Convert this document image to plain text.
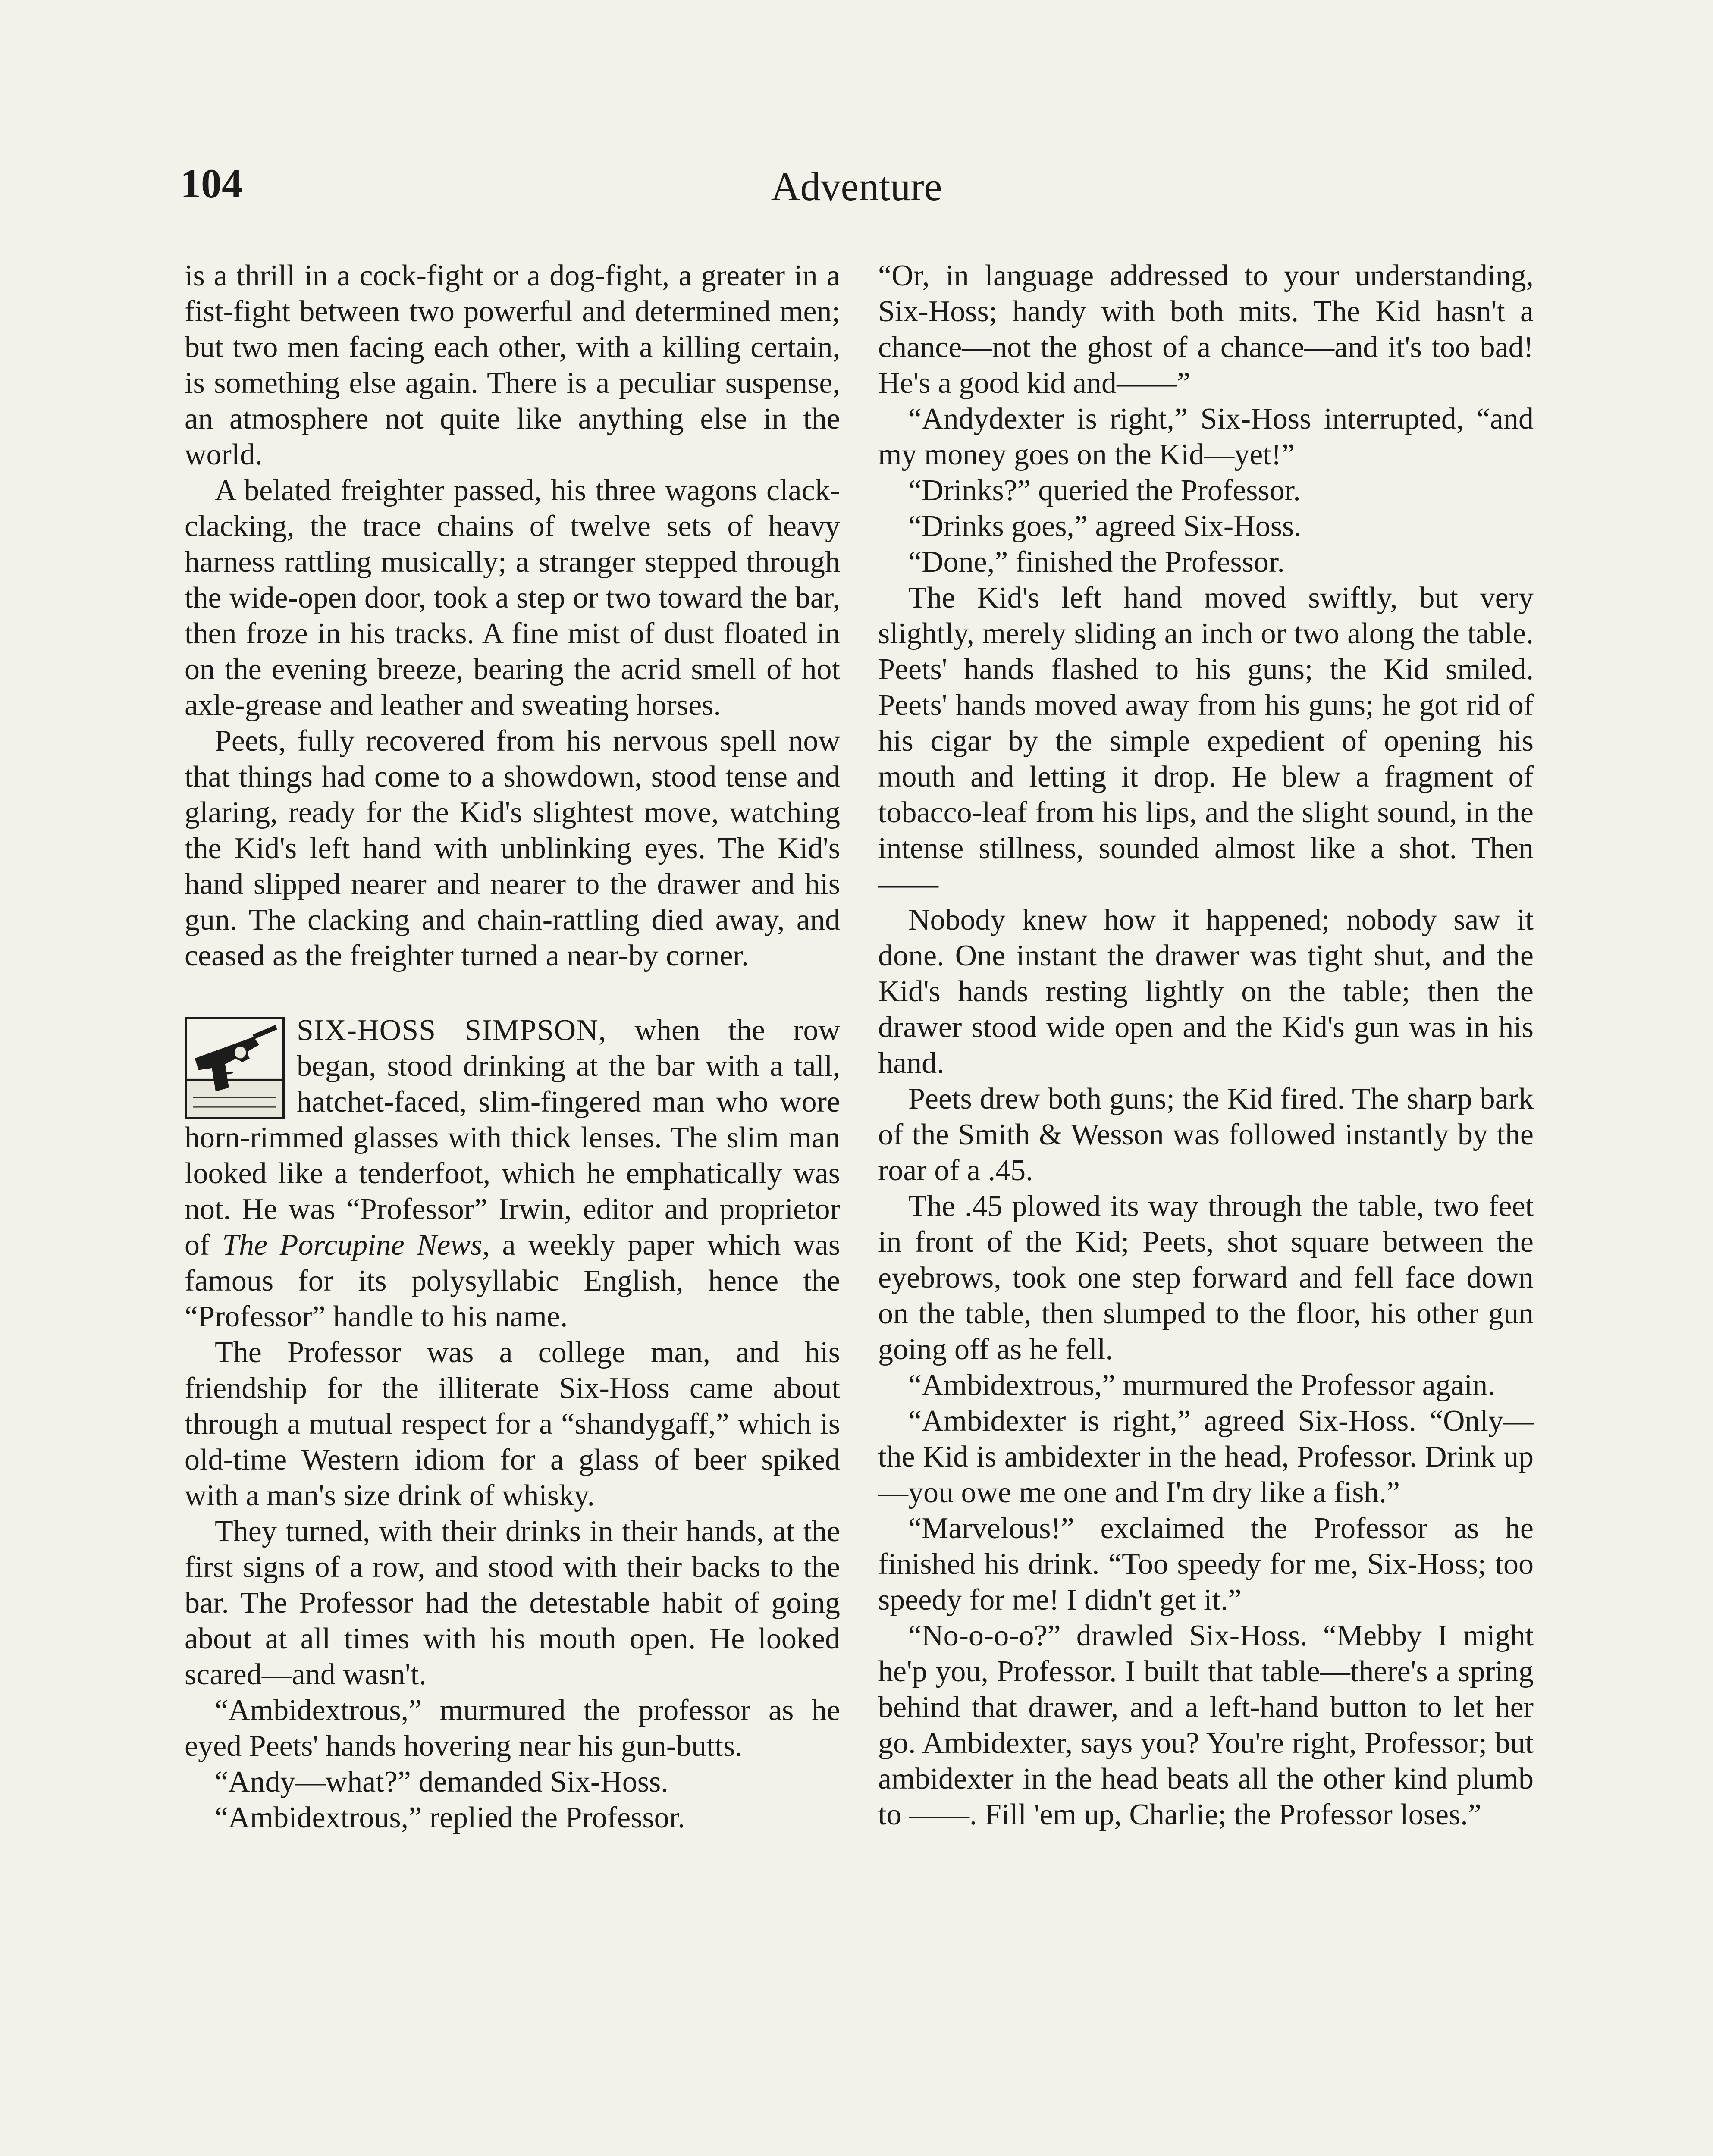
104	Adventure

is a thrill in a cock-fight or a dog-fight, a greater in a fist-fight between two powerful and determined men; but two men facing each other, with a killing certain, is something else again. There is a peculiar suspense, an atmosphere not quite like anything else in the world.

A belated freighter passed, his three wagons clack-clacking, the trace chains of twelve sets of heavy harness rattling musically; a stranger stepped through the wide-open door, took a step or two toward the bar, then froze in his tracks. A fine mist of dust floated in on the evening breeze, bearing the acrid smell of hot axle-grease and leather and sweating horses.

Peets, fully recovered from his nervous spell now that things had come to a showdown, stood tense and glaring, ready for the Kid's slightest move, watching the Kid's left hand with unblinking eyes. The Kid's hand slipped nearer and nearer to the drawer and his gun. The clacking and chain-rattling died away, and ceased as the freighter turned a near-by corner.

SIX-HOSS SIMPSON, when the row began, stood drinking at the bar with a tall, hatchet-faced, slim-fingered man who wore horn-rimmed glasses with thick lenses. The slim man looked like a tenderfoot, which he emphatically was not. He was “Professor” Irwin, editor and proprietor of The Porcupine News, a weekly paper which was famous for its polysyllabic English, hence the “Professor” handle to his name.

The Professor was a college man, and his friendship for the illiterate Six-Hoss came about through a mutual respect for a “shandygaff,” which is old-time Western idiom for a glass of beer spiked with a man's size drink of whisky.

They turned, with their drinks in their hands, at the first signs of a row, and stood with their backs to the bar. The Professor had the detestable habit of going about at all times with his mouth open. He looked scared—and wasn't.

“Ambidextrous,” murmured the professor as he eyed Peets' hands hovering near his gun-butts.

“Andy—what?” demanded Six-Hoss.

“Ambidextrous,” replied the Professor.

“Or, in language addressed to your understanding, Six-Hoss; handy with both mits. The Kid hasn't a chance—not the ghost of a chance—and it's too bad! He's a good kid and——”

“Andydexter is right,” Six-Hoss interrupted, “and my money goes on the Kid—yet!”

“Drinks?” queried the Professor.

“Drinks goes,” agreed Six-Hoss.

“Done,” finished the Professor.

The Kid's left hand moved swiftly, but very slightly, merely sliding an inch or two along the table. Peets' hands flashed to his guns; the Kid smiled. Peets' hands moved away from his guns; he got rid of his cigar by the simple expedient of opening his mouth and letting it drop. He blew a fragment of tobacco-leaf from his lips, and the slight sound, in the intense stillness, sounded almost like a shot. Then——

Nobody knew how it happened; nobody saw it done. One instant the drawer was tight shut, and the Kid's hands resting lightly on the table; then the drawer stood wide open and the Kid's gun was in his hand.

Peets drew both guns; the Kid fired. The sharp bark of the Smith & Wesson was followed instantly by the roar of a .45.

The .45 plowed its way through the table, two feet in front of the Kid; Peets, shot square between the eyebrows, took one step forward and fell face down on the table, then slumped to the floor, his other gun going off as he fell.

“Ambidextrous,” murmured the Professor again.

“Ambidexter is right,” agreed Six-Hoss. “Only—the Kid is ambidexter in the head, Professor. Drink up—you owe me one and I'm dry like a fish.”

“Marvelous!” exclaimed the Professor as he finished his drink. “Too speedy for me, Six-Hoss; too speedy for me! I didn't get it.”

“No-o-o-o?” drawled Six-Hoss. “Mebby I might he'p you, Professor. I built that table—there's a spring behind that drawer, and a left-hand button to let her go. Ambidexter, says you? You're right, Professor; but ambidexter in the head beats all the other kind plumb to ——. Fill 'em up, Charlie; the Professor loses.”
